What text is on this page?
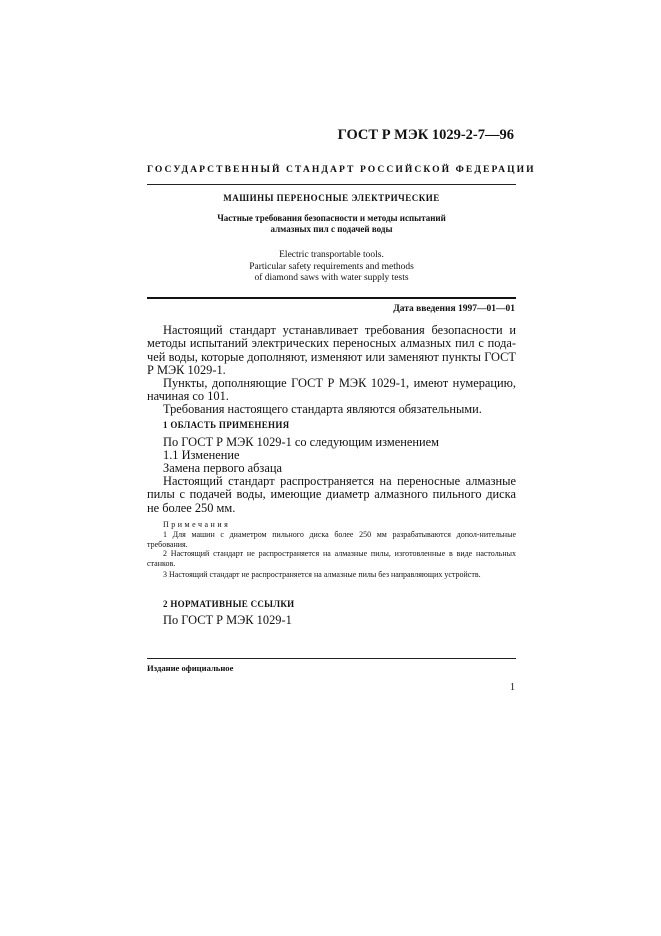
ГОСТ Р МЭК 1029-2-7—96

ГОСУДАРСТВЕННЫЙ СТАНДАРТ РОССИЙСКОЙ ФЕДЕРАЦИИ

МАШИНЫ ПЕРЕНОСНЫЕ ЭЛЕКТРИЧЕСКИЕ

Частные требования безопасности и методы испытаний
алмазных пил с подачей воды
Electric transportable tools.
Particular safety requirements and methods
of diamond saws with water supply tests

Дата введения 1997—01—01

Настоящий стандарт устанавливает требования безопасности и методы испытаний электрических переносных алмазных пил с пода-чей воды, которые дополняют, изменяют или заменяют пункты ГОСТ Р МЭК 1029-1.

Пункты, дополняющие ГОСТ Р МЭК 1029-1, имеют нумерацию, начиная со 101.

Требования настоящего стандарта являются обязательными.

1 ОБЛАСТЬ ПРИМЕНЕНИЯ

По ГОСТ Р МЭК 1029-1 со следующим изменением

1.1 Изменение

Замена первого абзаца

Настоящий стандарт распространяется на переносные алмазные пилы с подачей воды, имеющие диаметр алмазного пильного диска не более 250 мм.

Примечания

1 Для машин с диаметром пильного диска более 250 мм разрабатываются допол-нительные требования.

2 Настоящий стандарт не распространяется на алмазные пилы, изготовленные в виде настольных станков.

3 Настоящий стандарт не распространяется на алмазные пилы без направляющих устройств.

2 НОРМАТИВНЫЕ ССЫЛКИ

По ГОСТ Р МЭК 1029-1

Издание официальное

1
